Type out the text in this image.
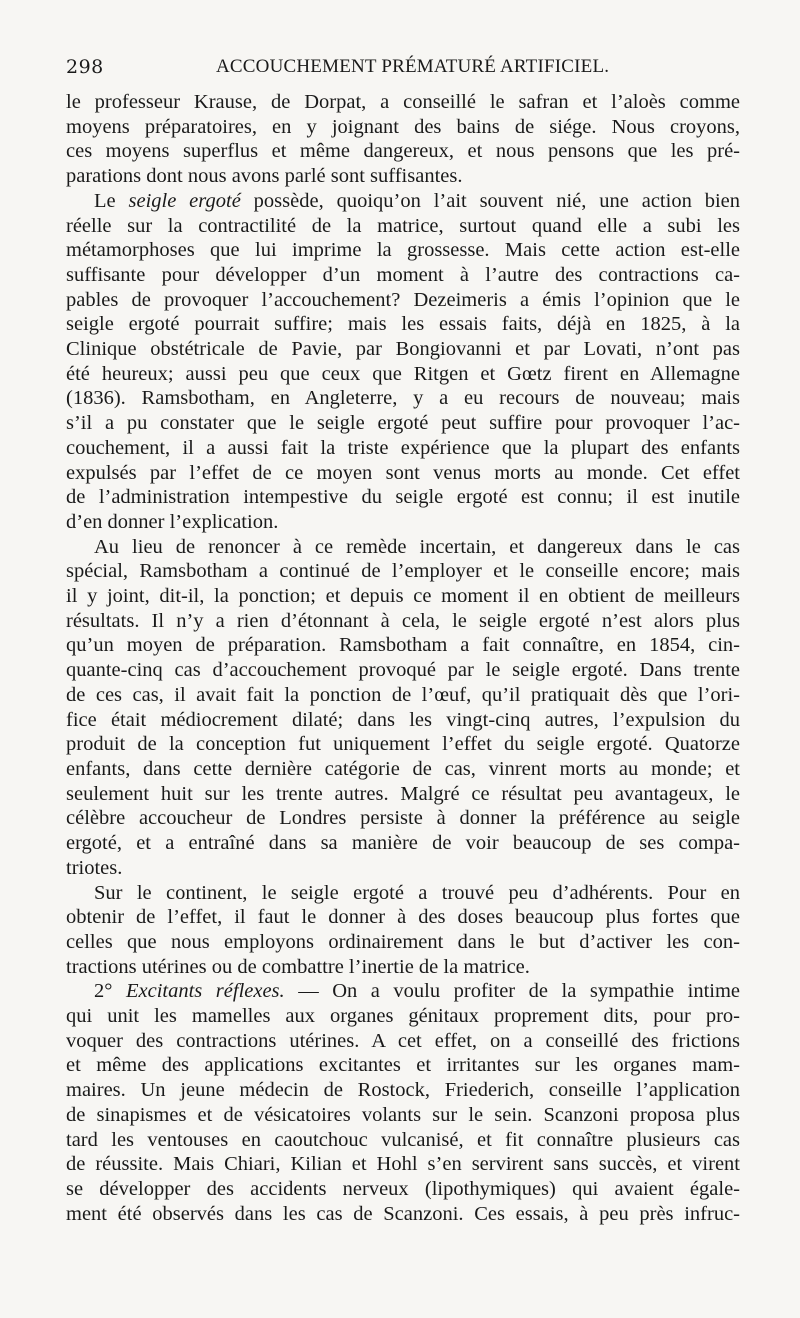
298	ACCOUCHEMENT PRÉMATURÉ ARTIFICIEL.
le professeur Krause, de Dorpat, a conseillé le safran et l’aloès comme
moyens préparatoires, en y joignant des bains de siége. Nous croyons,
ces moyens superflus et même dangereux, et nous pensons que les pré-
parations dont nous avons parlé sont suffisantes.
Le seigle ergoté possède, quoiqu’on l’ait souvent nié, une action bien
réelle sur la contractilité de la matrice, surtout quand elle a subi les
métamorphoses que lui imprime la grossesse. Mais cette action est-elle
suffisante pour développer d’un moment à l’autre des contractions ca-
pables de provoquer l’accouchement? Dezeimeris a émis l’opinion que le
seigle ergoté pourrait suffire; mais les essais faits, déjà en 1825, à la
Clinique obstétricale de Pavie, par Bongiovanni et par Lovati, n’ont pas
été heureux; aussi peu que ceux que Ritgen et Gœtz firent en Allemagne
(1836). Ramsbotham, en Angleterre, y a eu recours de nouveau; mais
s’il a pu constater que le seigle ergoté peut suffire pour provoquer l’ac-
couchement, il a aussi fait la triste expérience que la plupart des enfants
expulsés par l’effet de ce moyen sont venus morts au monde. Cet effet
de l’administration intempestive du seigle ergoté est connu; il est inutile
d’en donner l’explication.
Au lieu de renoncer à ce remède incertain, et dangereux dans le cas
spécial, Ramsbotham a continué de l’employer et le conseille encore; mais
il y joint, dit-il, la ponction; et depuis ce moment il en obtient de meilleurs
résultats. Il n’y a rien d’étonnant à cela, le seigle ergoté n’est alors plus
qu’un moyen de préparation. Ramsbotham a fait connaître, en 1854, cin-
quante-cinq cas d’accouchement provoqué par le seigle ergoté. Dans trente
de ces cas, il avait fait la ponction de l’œuf, qu’il pratiquait dès que l’ori-
fice était médiocrement dilaté; dans les vingt-cinq autres, l’expulsion du
produit de la conception fut uniquement l’effet du seigle ergoté. Quatorze
enfants, dans cette dernière catégorie de cas, vinrent morts au monde; et
seulement huit sur les trente autres. Malgré ce résultat peu avantageux, le
célèbre accoucheur de Londres persiste à donner la préférence au seigle
ergoté, et a entraîné dans sa manière de voir beaucoup de ses compa-
triotes.
Sur le continent, le seigle ergoté a trouvé peu d’adhérents. Pour en
obtenir de l’effet, il faut le donner à des doses beaucoup plus fortes que
celles que nous employons ordinairement dans le but d’activer les con-
tractions utérines ou de combattre l’inertie de la matrice.
2° Excitants réflexes. — On a voulu profiter de la sympathie intime
qui unit les mamelles aux organes génitaux proprement dits, pour pro-
voquer des contractions utérines. A cet effet, on a conseillé des frictions
et même des applications excitantes et irritantes sur les organes mam-
maires. Un jeune médecin de Rostock, Friederich, conseille l’application
de sinapismes et de vésicatoires volants sur le sein. Scanzoni proposa plus
tard les ventouses en caoutchouc vulcanisé, et fit connaître plusieurs cas
de réussite. Mais Chiari, Kilian et Hohl s’en servirent sans succès, et virent
se développer des accidents nerveux (lipothymiques) qui avaient égale-
ment été observés dans les cas de Scanzoni. Ces essais, à peu près infruc-
